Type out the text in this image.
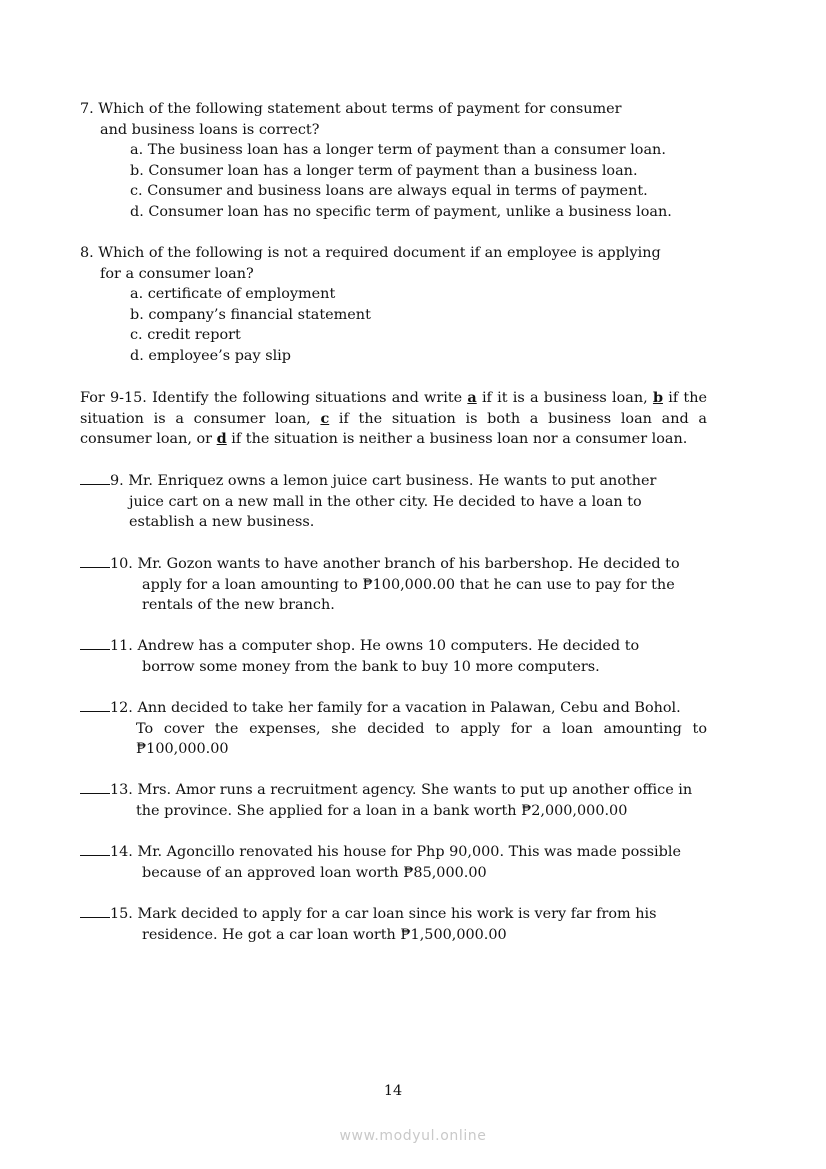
7. Which of the following statement about terms of payment for consumer
and business loans is correct?
a. The business loan has a longer term of payment than a consumer loan.
b. Consumer loan has a longer term of payment than a business loan.
c. Consumer and business loans are always equal in terms of payment.
d. Consumer loan has no specific term of payment, unlike a business loan.
8. Which of the following is not a required document if an employee is applying
for a consumer loan?
a. certificate of employment
b. company’s financial statement
c. credit report
d. employee’s pay slip
For 9-15. Identify the following situations and write a if it is a business loan, b if the
situation is a consumer loan, c if the situation is both a business loan and a
consumer loan, or d if the situation is neither a business loan nor a consumer loan.
9. Mr. Enriquez owns a lemon juice cart business. He wants to put another
juice cart on a new mall in the other city. He decided to have a loan to
establish a new business.
10. Mr. Gozon wants to have another branch of his barbershop. He decided to
apply for a loan amounting to ₱100,000.00 that he can use to pay for the
rentals of the new branch.
11. Andrew has a computer shop. He owns 10 computers. He decided to
borrow some money from the bank to buy 10 more computers.
12. Ann decided to take her family for a vacation in Palawan, Cebu and Bohol.
To cover the expenses, she decided to apply for a loan amounting to
₱100,000.00
13. Mrs. Amor runs a recruitment agency. She wants to put up another office in
the province. She applied for a loan in a bank worth ₱2,000,000.00
14. Mr. Agoncillo renovated his house for Php 90,000. This was made possible
because of an approved loan worth ₱85,000.00
15. Mark decided to apply for a car loan since his work is very far from his
residence. He got a car loan worth ₱1,500,000.00
14
www.modyul.online
